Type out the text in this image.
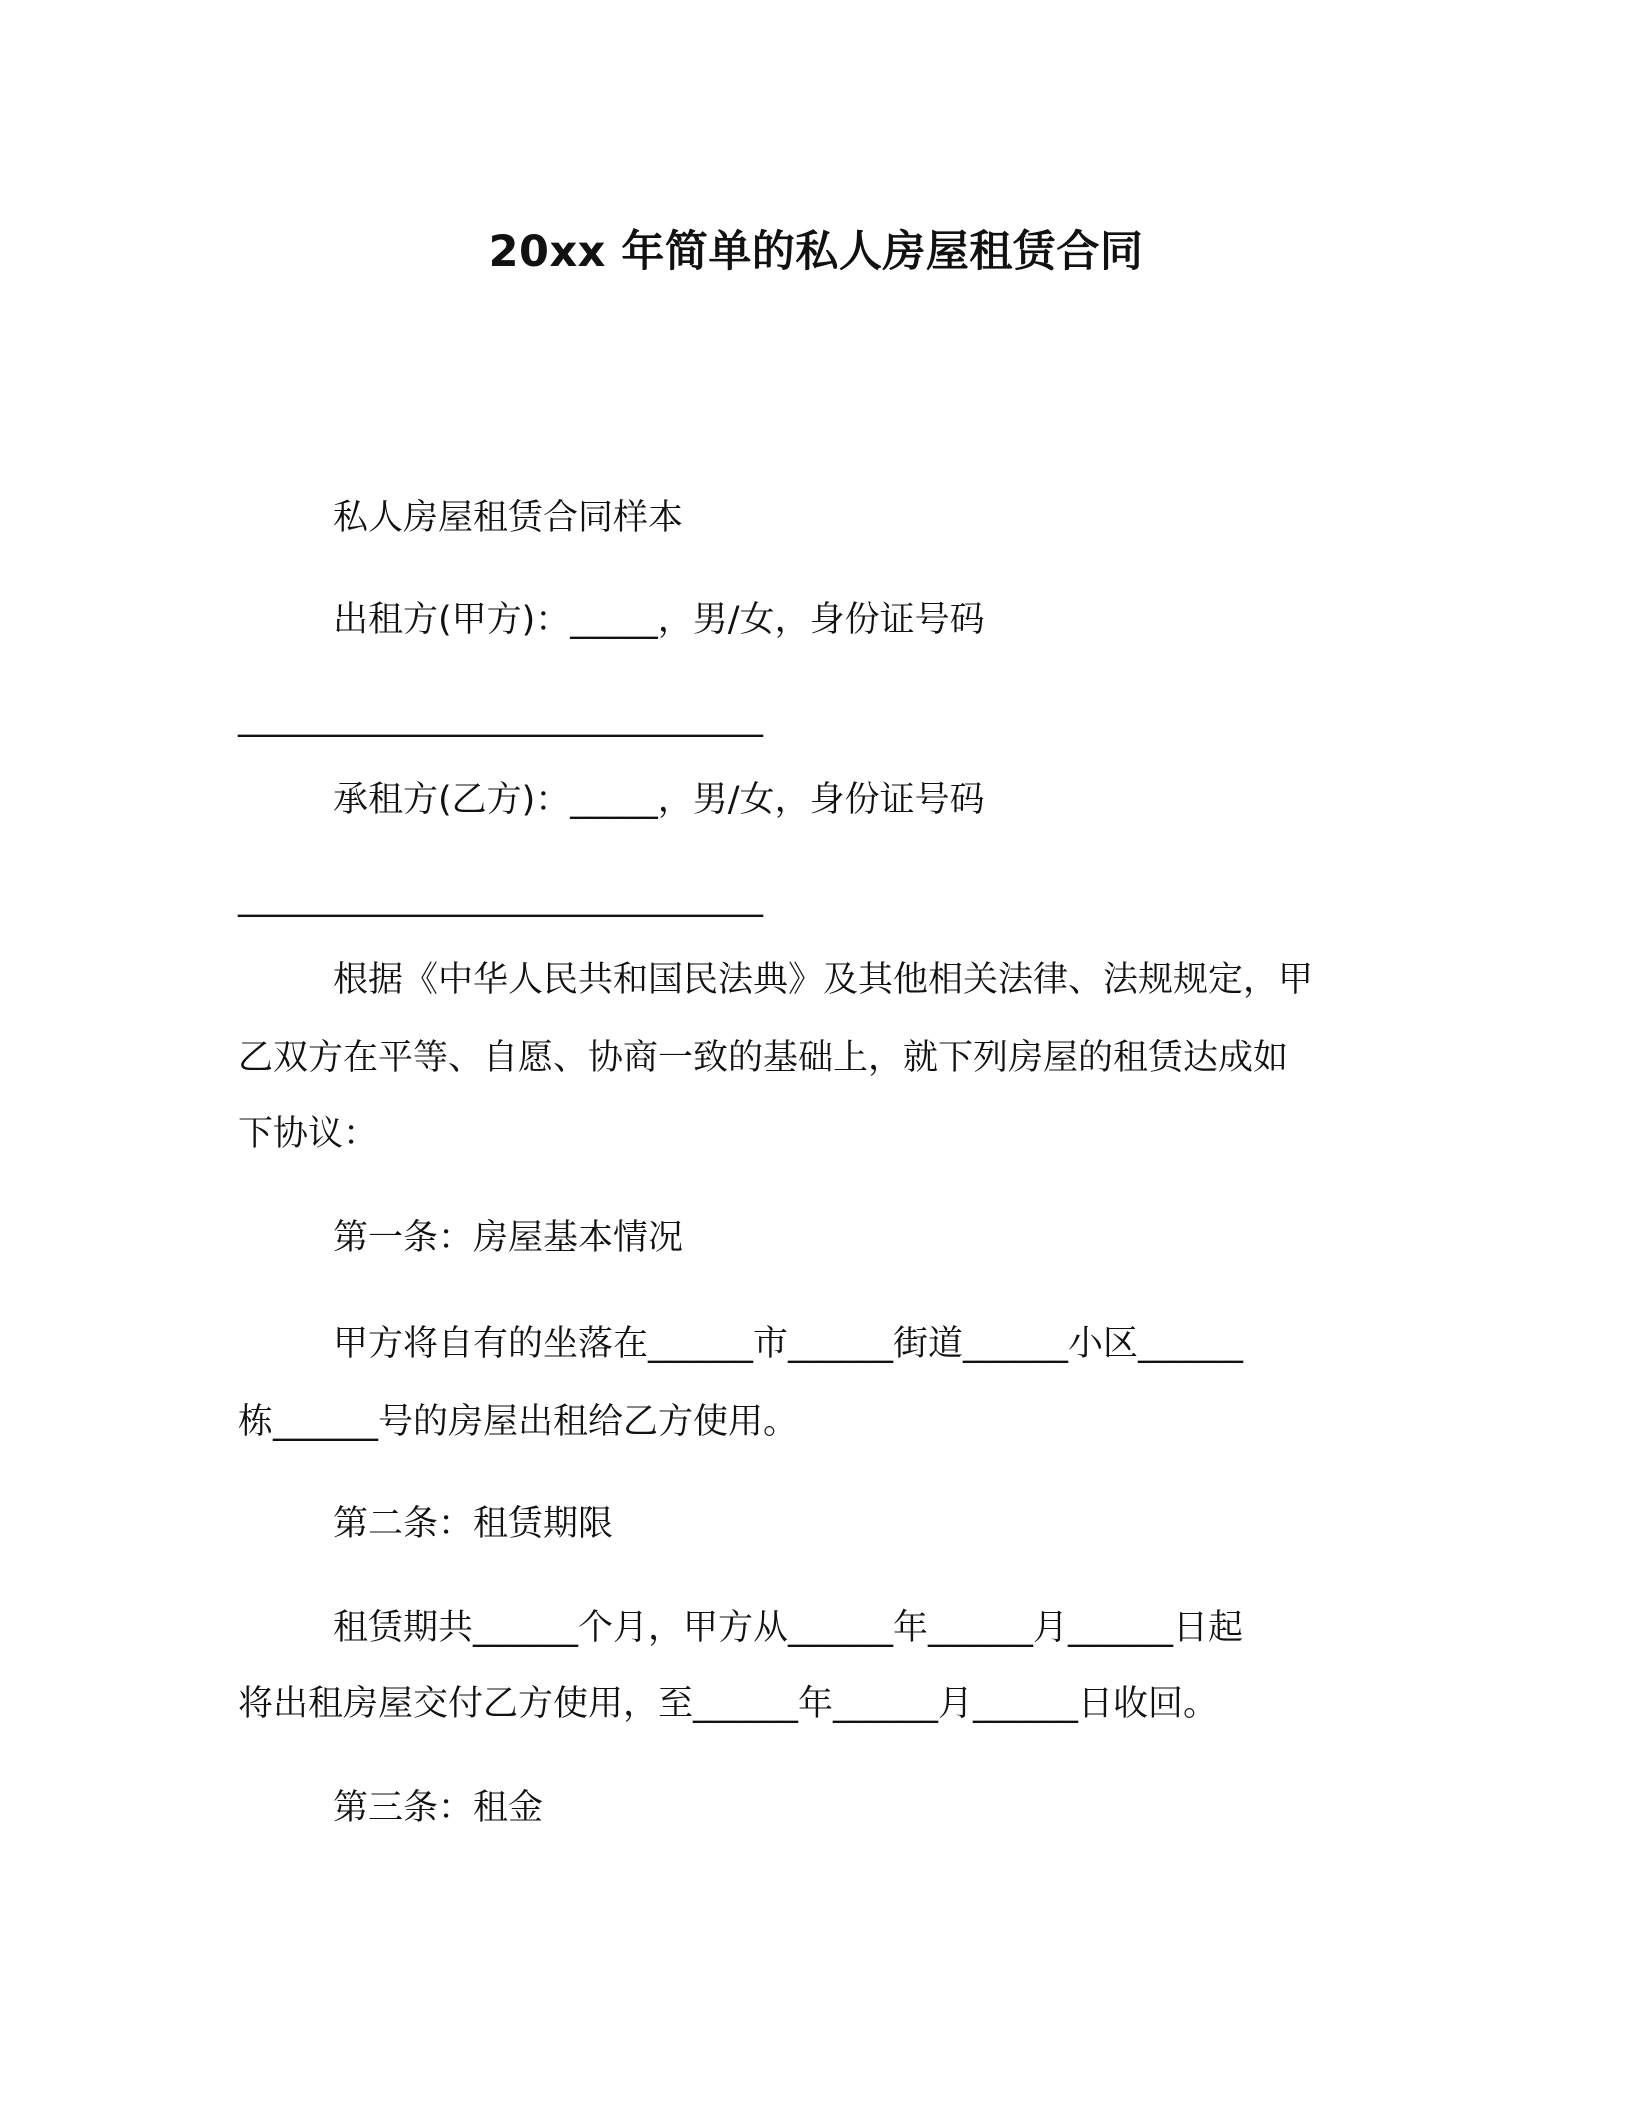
20xx 年简单的私人房屋租赁合同
私人房屋租赁合同样本
出租方(甲方)：_____，男/女，身份证号码
______________________________
承租方(乙方)：_____，男/女，身份证号码
______________________________
根据《中华人民共和国民法典》及其他相关法律、法规规定，甲
乙双方在平等、自愿、协商一致的基础上，就下列房屋的租赁达成如
下协议：
第一条：房屋基本情况
甲方将自有的坐落在______市______街道______小区______
栋______号的房屋出租给乙方使用。
第二条：租赁期限
租赁期共______个月，甲方从______年______月______日起
将出租房屋交付乙方使用，至______年______月______日收回。
第三条：租金
